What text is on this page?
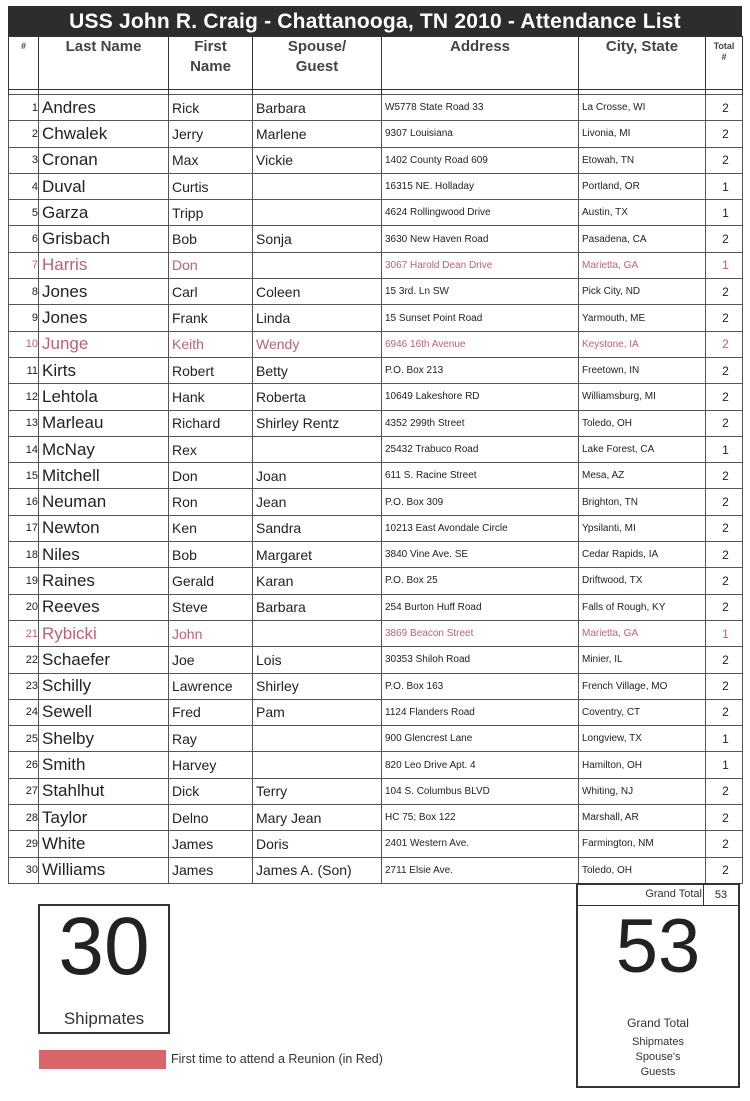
USS John R. Craig - Chattanooga, TN 2010 - Attendance List
#	Last Name	First
Name	Spouse/
Guest	Address	City, State	Total
#

1	Andres	Rick	Barbara	W5778 State Road 33	La Crosse, WI	2
2	Chwalek	Jerry	Marlene	9307 Louisiana	Livonia, MI	2
3	Cronan	Max	Vickie	1402 County Road 609	Etowah, TN	2
4	Duval	Curtis		16315 NE. Holladay	Portland, OR	1
5	Garza	Tripp		4624 Rollingwood Drive	Austin, TX	1
6	Grisbach	Bob	Sonja	3630 New Haven Road	Pasadena, CA	2
7	Harris	Don		3067 Harold Dean Drive	Marietta, GA	1
8	Jones	Carl	Coleen	15 3rd. Ln SW	Pick City, ND	2
9	Jones	Frank	Linda	15 Sunset Point Road	Yarmouth, ME	2
10	Junge	Keith	Wendy	6946 16th Avenue	Keystone, IA	2
11	Kirts	Robert	Betty	P.O. Box 213	Freetown, IN	2
12	Lehtola	Hank	Roberta	10649 Lakeshore RD	Williamsburg, MI	2
13	Marleau	Richard	Shirley Rentz	4352 299th Street	Toledo, OH	2
14	McNay	Rex		25432 Trabuco Road	Lake Forest, CA	1
15	Mitchell	Don	Joan	611 S. Racine Street	Mesa, AZ	2
16	Neuman	Ron	Jean	P.O. Box 309	Brighton, TN	2
17	Newton	Ken	Sandra	10213 East Avondale Circle	Ypsilanti, MI	2
18	Niles	Bob	Margaret	3840 Vine Ave. SE	Cedar Rapids, IA	2
19	Raines	Gerald	Karan	P.O. Box 25	Driftwood, TX	2
20	Reeves	Steve	Barbara	254 Burton Huff Road	Falls of Rough, KY	2
21	Rybicki	John		3869 Beacon Street	Marietta, GA	1
22	Schaefer	Joe	Lois	30353 Shiloh Road	Minier, IL	2
23	Schilly	Lawrence	Shirley	P.O. Box 163	French Village, MO	2
24	Sewell	Fred	Pam	1124 Flanders Road	Coventry, CT	2
25	Shelby	Ray		900 Glencrest Lane	Longview, TX	1
26	Smith	Harvey		820 Leo Drive Apt. 4	Hamilton, OH	1
27	Stahlhut	Dick	Terry	104 S. Columbus BLVD	Whiting, NJ	2
28	Taylor	Delno	Mary Jean	HC 75; Box 122	Marshall, AR	2
29	White	James	Doris	2401 Western Ave.	Farmington, NM	2
30	Williams	James	James A. (Son)	2711 Elsie Ave.	Toledo, OH	2
30
Shipmates
Grand Total	53
53
Grand Total
Shipmates
Spouse's
Guests
First time to attend a Reunion (in Red)
